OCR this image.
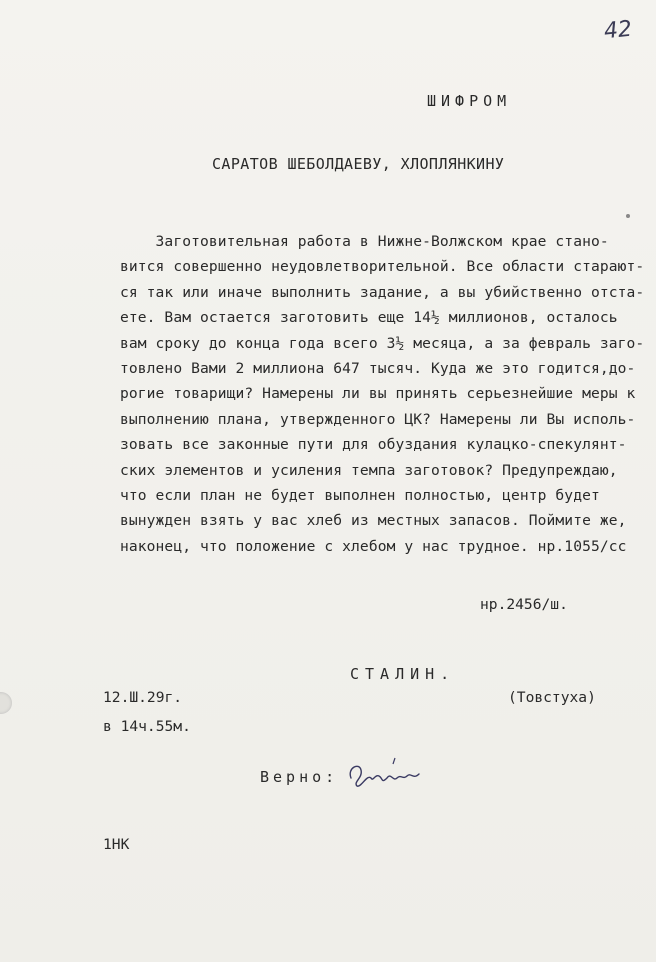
42
ШИФРОМ
САРАТОВ ШЕБОЛДАЕВУ, ХЛОПЛЯНКИНУ
Заготовительная работа в Нижне-Волжском крае стано-
вится совершенно неудовлетворительной. Все области старают-
ся так или иначе выполнить задание, а вы убийственно отста-
ете. Вам остается заготовить еще 14½ миллионов, осталось
вам сроку до конца года всего 3½ месяца, а за февраль заго-
товлено Вами 2 миллиона 647 тысяч. Куда же это годится,до-
рогие товарищи? Намерены ли вы принять серьезнейшие меры к
выполнению плана, утвержденного ЦК? Намерены ли Вы исполь-
зовать все законные пути для обуздания кулацко-спекулянт-
ских элементов и усиления темпа заготовок? Предупреждаю,
что если план не будет выполнен полностью, центр будет
вынужден взять у вас хлеб из местных запасов. Поймите же,
наконец, что положение с хлебом у нас трудное. нр.1055/сс
нр.2456/ш.
СТАЛИН.
12.Ш.29г.
в 14ч.55м.
(Товстуха)
Верно:
1НК
